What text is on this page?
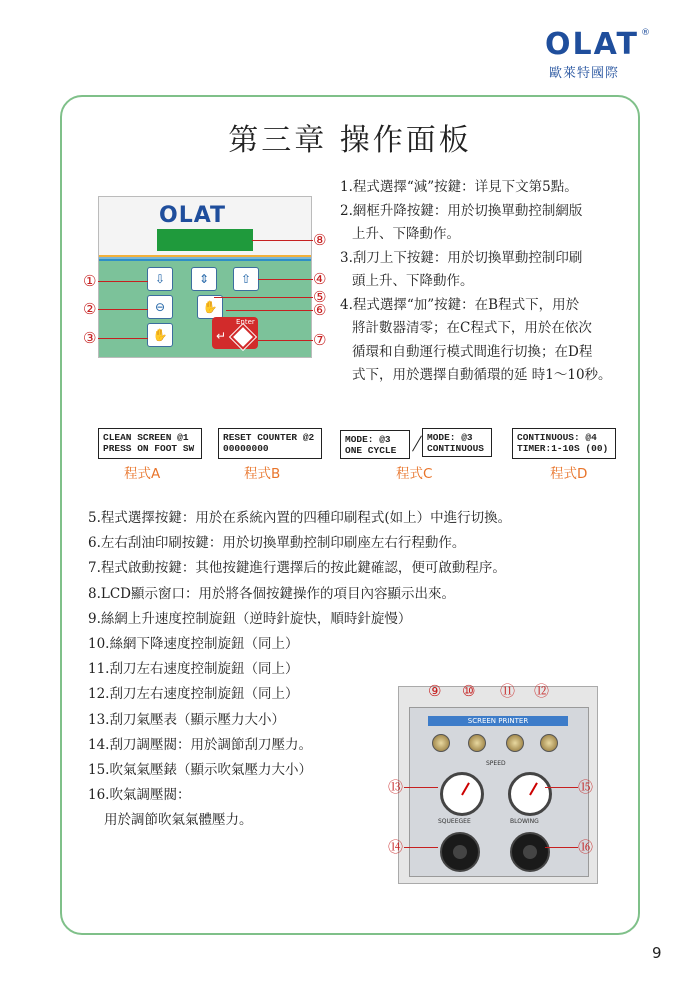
OLAT ®
歐萊特國際
第三章 操作面板
OLAT
⇩	⇕	⇧
⊖	✋
✋
Enter
↵
①
②
③
④
⑤
⑥
⑦
⑧

1.程式選擇“減”按鍵：详見下文第5點。

2.網框升降按鍵：用於切換單動控制網版

上升、下降動作。

3.刮刀上下按鍵：用於切換單動控制印刷

頭上升、下降動作。

4.程式選擇“加”按鍵：在B程式下，用於

將計數器清零；在C程式下，用於在依次

循環和自動運行模式間進行切換；在D程

式下，用於選擇自動循環的延 時1～10秒。

CLEAN SCREEN @1
PRESS ON FOOT SW
程式A
RESET COUNTER @2
00000000
程式B
MODE: @3
ONE CYCLE
MODE: @3
CONTINUOUS
程式C
CONTINUOUS: @4
TIMER:1-10S (00)
程式D

5.程式選擇按鍵：用於在系統內置的四種印刷程式(如上）中進行切換。

6.左右刮油印刷按鍵：用於切換單動控制印刷座左右行程動作。

7.程式啟動按鍵：其他按鍵進行選擇后的按此鍵確認，便可啟動程序。

8.LCD顯示窗口：用於將各個按鍵操作的項目內容顯示出來。

9.絲網上升速度控制旋鈕（逆時針旋快，順時針旋慢）

10.絲網下降速度控制旋鈕（同上）

11.刮刀左右速度控制旋鈕（同上）

12.刮刀左右速度控制旋鈕（同上）

13.刮刀氣壓表（顯示壓力大小）

14.刮刀調壓閥：用於調節刮刀壓力。

15.吹氣氣壓錶（顯示吹氣壓力大小）

16.吹氣調壓閥：

用於調節吹氣氣體壓力。

SCREEN PRINTER
SPEED
SQUEEGEE	BLOWING
⑨ ⑩ ⑪ ⑫
⑬
⑭
⑮
⑯
9
